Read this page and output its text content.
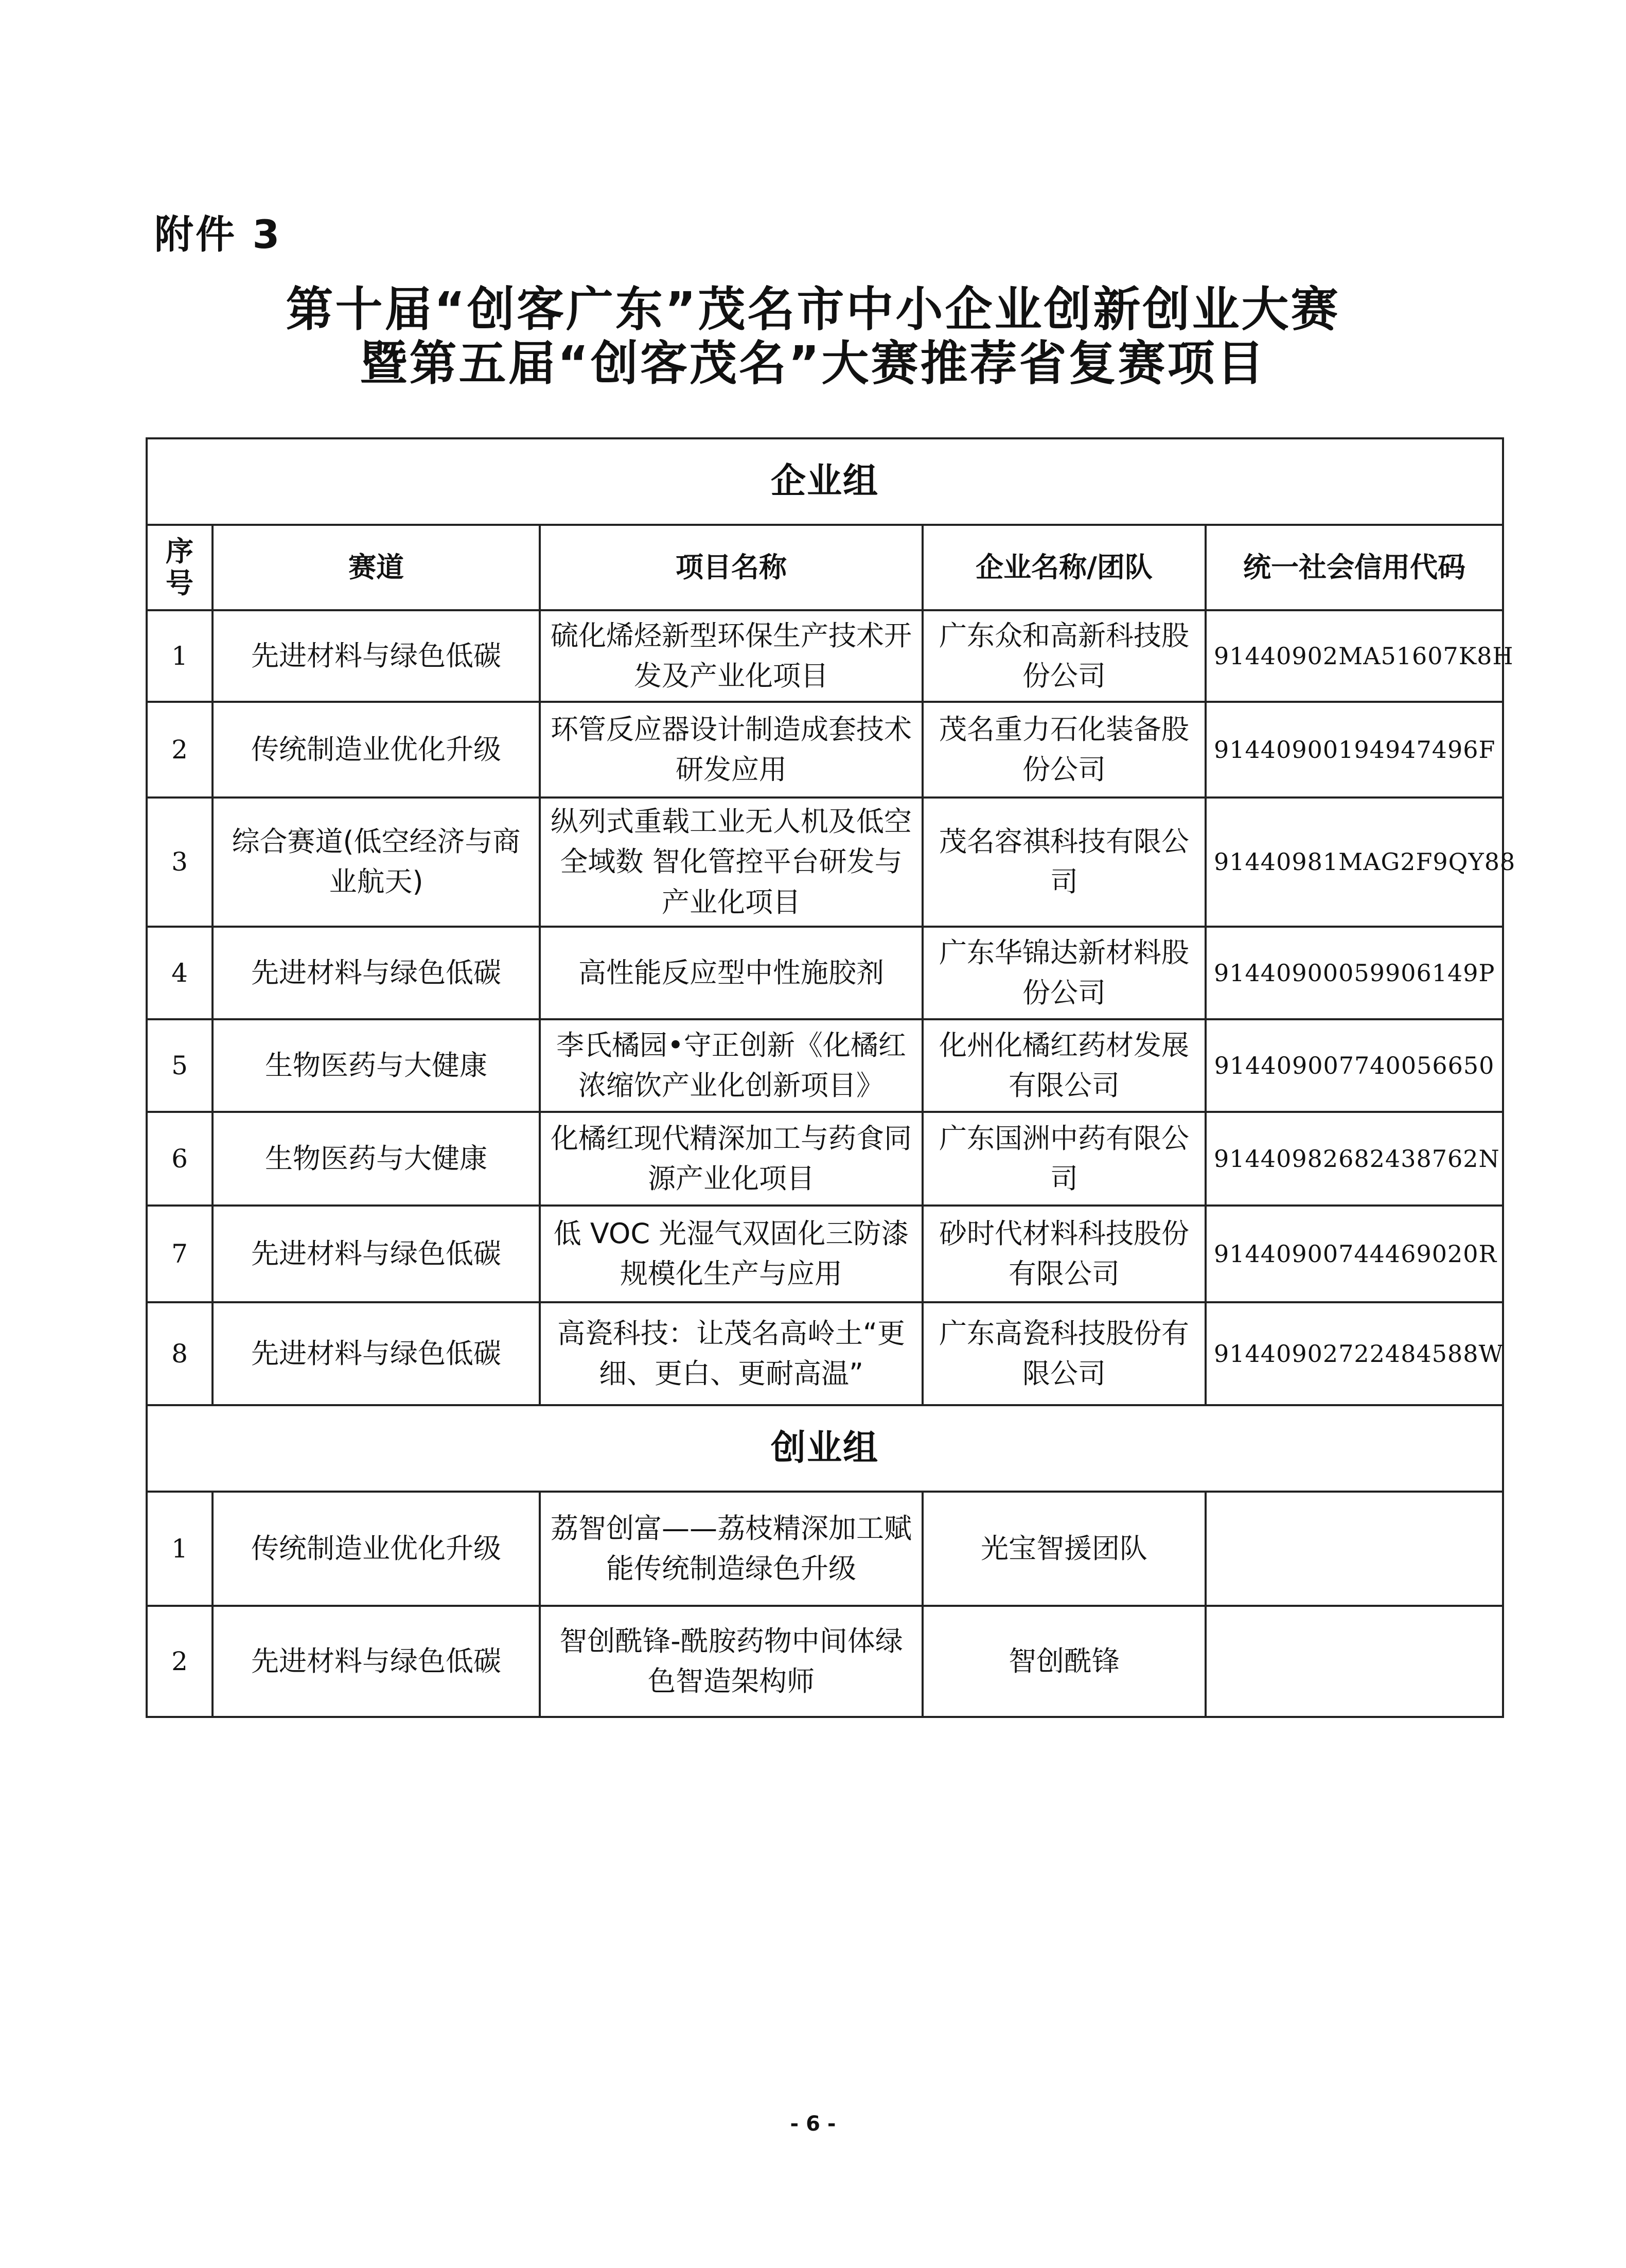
附件 3
第十届“创客广东”茂名市中小企业创新创业大赛
暨第五届“创客茂名”大赛推荐省复赛项目
企业组				
序号	赛道	项目名称	企业名称/团队	统一社会信用代码
1	先进材料与绿色低碳	硫化烯烃新型环保生产技术开发及产业化项目	广东众和高新科技股份公司	91440902MA51607K8H
2	传统制造业优化升级	环管反应器设计制造成套技术研发应用	茂名重力石化装备股份公司	91440900194947496F
3	综合赛道(低空经济与商业航天)	纵列式重载工业无人机及低空全域数 智化管控平台研发与产业化项目	茂名容祺科技有限公司	91440981MAG2F9QY88
4	先进材料与绿色低碳	高性能反应型中性施胶剂	广东华锦达新材料股份公司	91440900059906149P
5	生物医药与大健康	李氏橘园•守正创新《化橘红浓缩饮产业化创新项目》	化州化橘红药材发展有限公司	914409007740056650
6	生物医药与大健康	化橘红现代精深加工与药食同源产业化项目	广东国洲中药有限公司	91440982682438762N
7	先进材料与绿色低碳	低 VOC 光湿气双固化三防漆规模化生产与应用	砂时代材料科技股份有限公司	91440900744469020R
8	先进材料与绿色低碳	高瓷科技：让茂名高岭土“更细、更白、更耐高温”	广东高瓷科技股份有限公司	91440902722484588W
创业组				
1	传统制造业优化升级	荔智创富——荔枝精深加工赋能传统制造绿色升级	光宝智援团队	
2	先进材料与绿色低碳	智创酰锋-酰胺药物中间体绿色智造架构师	智创酰锋	
- 6 -
